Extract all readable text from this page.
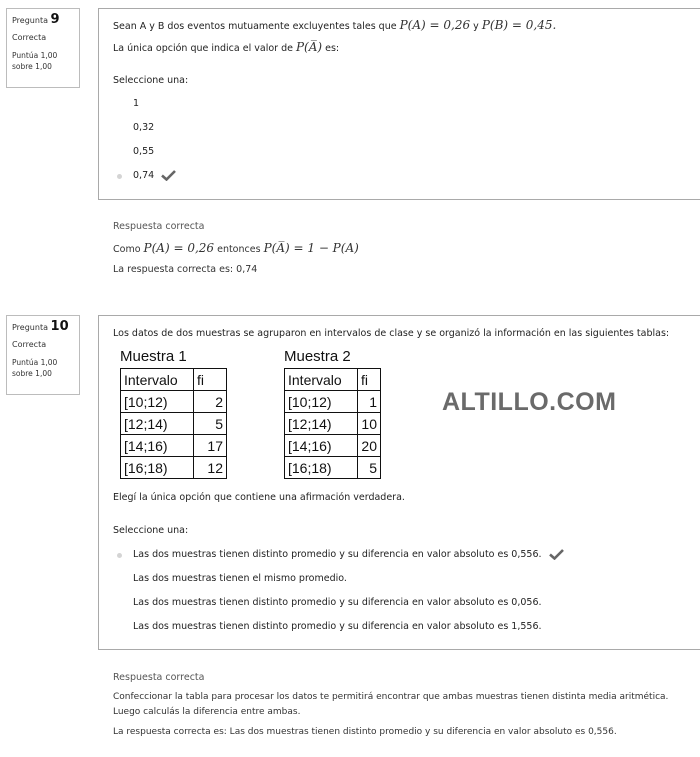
Pregunta 9
Correcta
Puntúa 1,00
sobre 1,00
Sean A y B dos eventos mutuamente excluyentes tales que P(A) = 0,26 y P(B) = 0,45.
La única opción que indica el valor de P(A̅) es:
Seleccione una:
1
0,32
0,55
0,74
Respuesta correcta
Como P(A) = 0,26 entonces P(A̅) = 1 − P(A)
La respuesta correcta es: 0,74
Pregunta 10
Correcta
Puntúa 1,00
sobre 1,00
Los datos de dos muestras se agruparon en intervalos de clase y se organizó la información en las siguientes tablas:
Muestra 1
Intervalo	fi
[10;12)	2
[12;14)	5
[14;16)	17
[16;18)	12
Muestra 2
Intervalo	fi
[10;12)	1
[12;14)	10
[14;16)	20
[16;18)	5
ALTILLO.COM
Elegí la única opción que contiene una afirmación verdadera.
Seleccione una:
Las dos muestras tienen distinto promedio y su diferencia en valor absoluto es 0,556.
Las dos muestras tienen el mismo promedio.
Las dos muestras tienen distinto promedio y su diferencia en valor absoluto es 0,056.
Las dos muestras tienen distinto promedio y su diferencia en valor absoluto es 1,556.
Respuesta correcta
Confeccionar la tabla para procesar los datos te permitirá encontrar que ambas muestras tienen distinta media aritmética.
Luego calculás la diferencia entre ambas.
La respuesta correcta es: Las dos muestras tienen distinto promedio y su diferencia en valor absoluto es 0,556.
